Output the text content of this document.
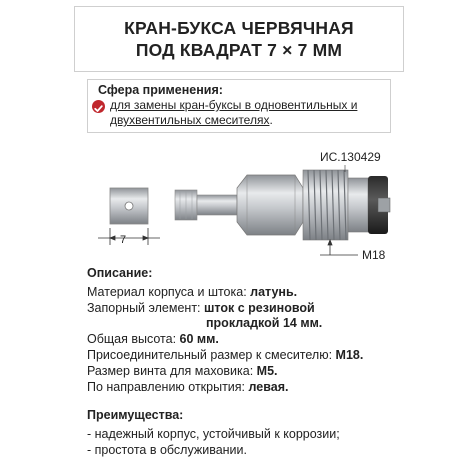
КРАН-БУКСА ЧЕРВЯЧНАЯ
ПОД КВАДРАТ 7 × 7 ММ
Сфера применения:
для замены кран-буксы в одновентильных и двухвентильных смесителях.
ИС.130429
M18
7
Описание:
Материал корпуса и штока: латунь.
Запорный элемент: шток с резиновой
прокладкой 14 мм.
Общая высота: 60 мм.
Присоединительный размер к смесителю: M18.
Размер винта для маховика: M5.
По направлению открытия: левая.
Преимущества:
- надежный корпус, устойчивый к коррозии;
- простота в обслуживании.
